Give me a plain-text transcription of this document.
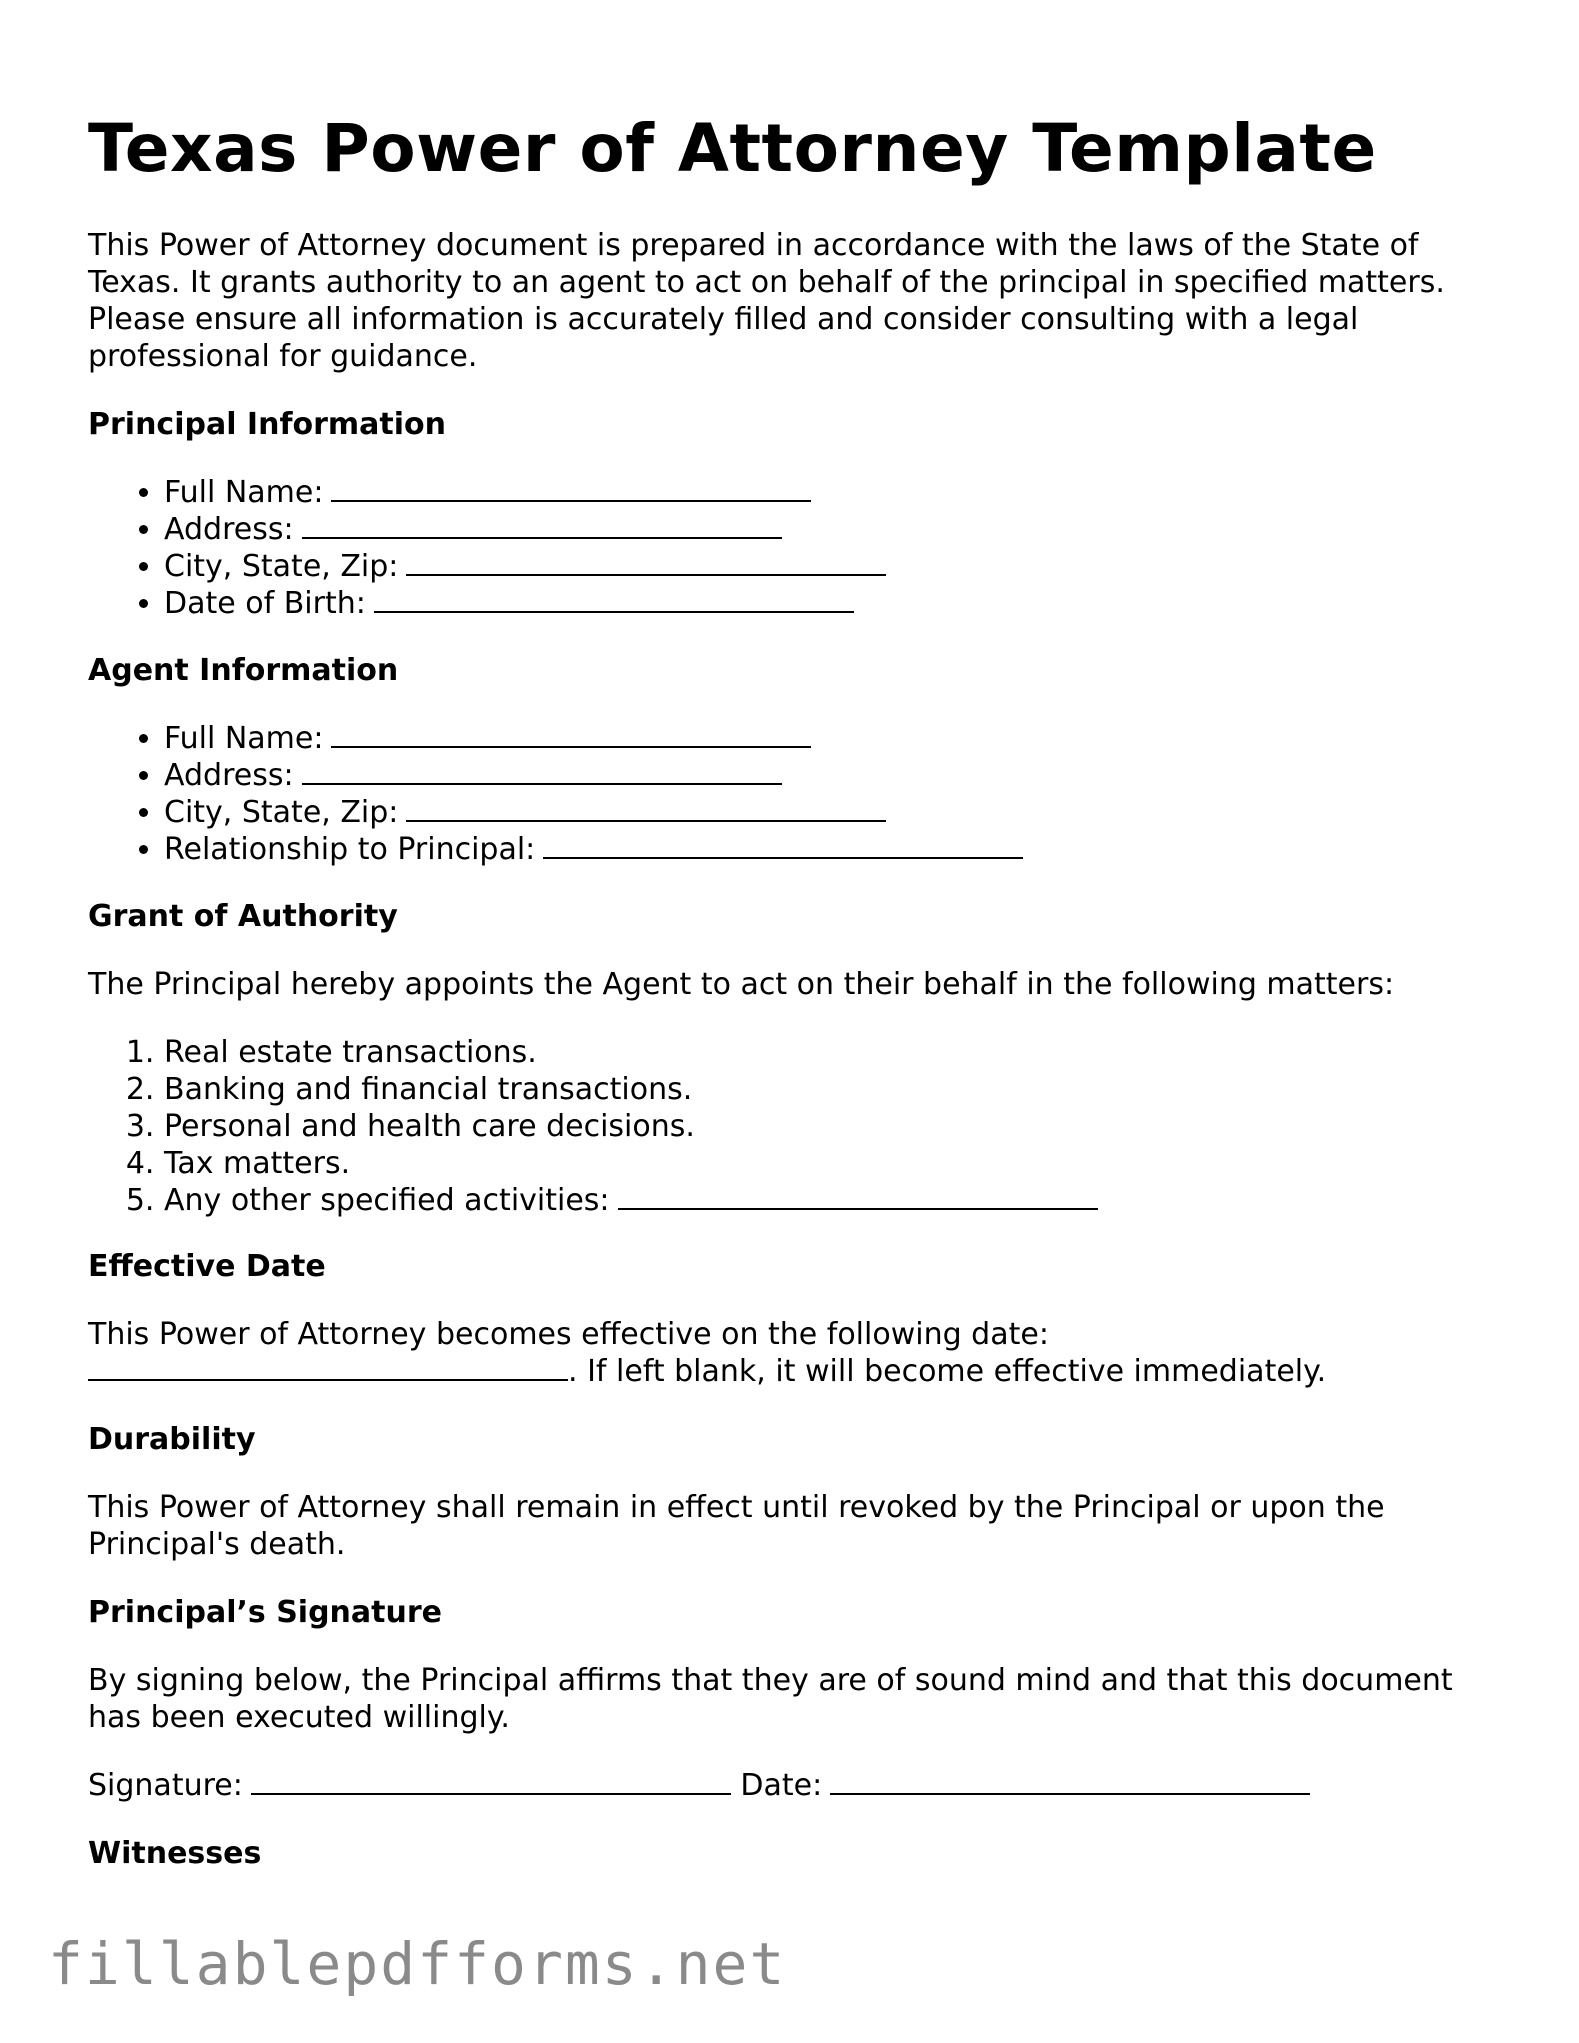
Texas Power of Attorney Template

This Power of Attorney document is prepared in accordance with the laws of the State of Texas. It grants authority to an agent to act on behalf of the principal in specified matters. Please ensure all information is accurately filled and consider consulting with a legal professional for guidance.

Principal Information

• Full Name:
• Address:
• City, State, Zip:
• Date of Birth:

Agent Information

• Full Name:
• Address:
• City, State, Zip:
• Relationship to Principal:

Grant of Authority

The Principal hereby appoints the Agent to act on their behalf in the following matters:

1. Real estate transactions.
2. Banking and financial transactions.
3. Personal and health care decisions.
4. Tax matters.
5. Any other specified activities:

Effective Date

This Power of Attorney becomes effective on the following date:
. If left blank, it will become effective immediately.

Durability

This Power of Attorney shall remain in effect until revoked by the Principal or upon the Principal's death.

Principal’s Signature

By signing below, the Principal affirms that they are of sound mind and that this document has been executed willingly.

Signature:	Date:

Witnesses

fillablepdfforms.net
